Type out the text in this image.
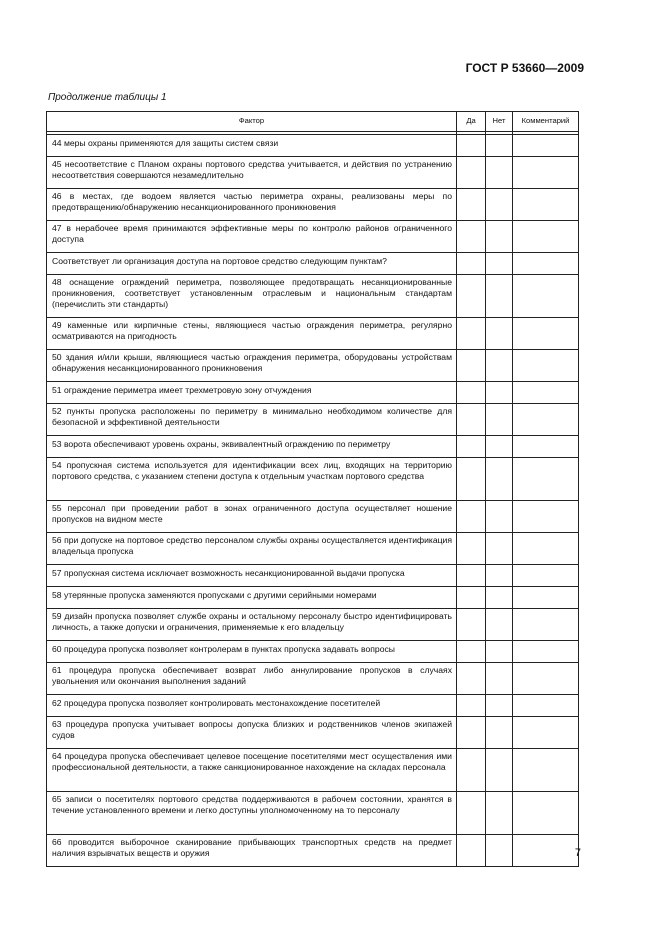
ГОСТ Р 53660—2009
Продолжение таблицы 1
Фактор	Да	Нет	Комментарий

44 меры охраны применяются для защиты систем связи			
45 несоответствие с Планом охраны портового средства учитывается, и действия по устранению несоответствия совершаются незамедлительно			
46 в местах, где водоем является частью периметра охраны, реализованы меры по предотвращению/обнаружению несанкционированного проникновения			
47 в нерабочее время принимаются эффективные меры по контролю районов ограниченного доступа			
Соответствует ли организация доступа на портовое средство следующим пунктам?			
48 оснащение ограждений периметра, позволяющее предотвращать несанкционированные проникновения, соответствует установленным отраслевым и национальным стандартам (перечислить эти стандарты)			
49 каменные или кирпичные стены, являющиеся частью ограждения периметра, регулярно осматриваются на пригодность			
50 здания и/или крыши, являющиеся частью ограждения периметра, оборудованы устройствам обнаружения несанкционированного проникновения			
51 ограждение периметра имеет трехметровую зону отчуждения			
52 пункты пропуска расположены по периметру в минимально необходимом количестве для безопасной и эффективной деятельности			
53 ворота обеспечивают уровень охраны, эквивалентный ограждению по периметру			
54 пропускная система используется для идентификации всех лиц, входящих на территорию портового средства, с указанием степени доступа к отдельным участкам портового средства			
55 персонал при проведении работ в зонах ограниченного доступа осуществляет ношение пропусков на видном месте			
56 при допуске на портовое средство персоналом службы охраны осуществляется идентификация владельца пропуска			
57 пропускная система исключает возможность несанкционированной выдачи пропуска			
58 утерянные пропуска заменяются пропусками с другими серийными номерами			
59 дизайн пропуска позволяет службе охраны и остальному персоналу быстро идентифицировать личность, а также допуски и ограничения, применяемые к его владельцу			
60 процедура пропуска позволяет контролерам в пунктах пропуска задавать вопросы			
61 процедура пропуска обеспечивает возврат либо аннулирование пропусков в случаях увольнения или окончания выполнения заданий			
62 процедура пропуска позволяет контролировать местонахождение посетителей			
63 процедура пропуска учитывает вопросы допуска близких и родственников членов экипажей судов			
64 процедура пропуска обеспечивает целевое посещение посетителями мест осуществления ими профессиональной деятельности, а также санкционированное нахождение на складах персонала			
65 записи о посетителях портового средства поддерживаются в рабочем состоянии, хранятся в течение установленного времени и легко доступны уполномоченному на то персоналу			
66 проводится выборочное сканирование прибывающих транспортных средств на предмет наличия взрывчатых веществ и оружия				7
